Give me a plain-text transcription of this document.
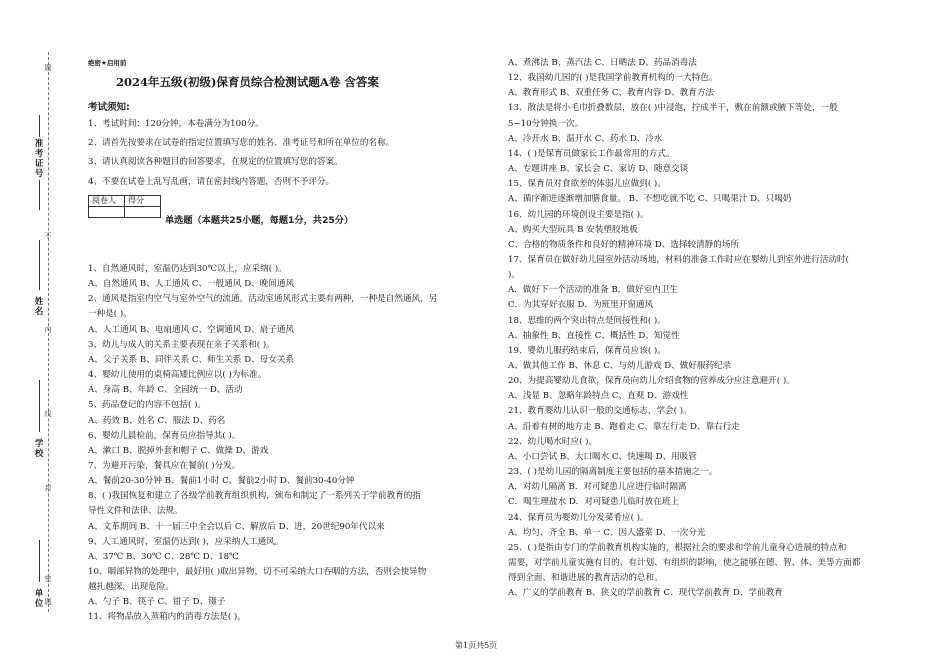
准考证号
姓名
学校
单位
题
不
内
线
封
密
题
绝密★启用前
2024年五级(初级)保育员综合检测试题A卷 含答案
考试须知:
1、考试时间：120分钟，本卷满分为100分。
2、请首先按要求在试卷的指定位置填写您的姓名、准考证号和所在单位的名称。
3、请认真阅读各种题目的回答要求，在规定的位置填写您的答案。
4、不要在试卷上乱写乱画，请在密封线内答题，否则不予评分。
阅卷人	得分

单选题（本题共25小题，每题1分，共25分）
1、自然通风时，室温仍达到30℃以上，应采纳( )。
A、自然通风 B、人工通风 C、一般通风 D、晚间通风
2、通风是指室内空气与室外空气的流通。活动室通风形式主要有两种，一种是自然通风，另
一种是( )。
A、人工通风 B、电扇通风 C、空调通风 D、扇子通风
3、幼儿与成人的关系主要表现在亲子关系和( )。
A、父子关系 B、同伴关系 C、师生关系 D、母女关系
4、婴幼儿使用的桌椅高矮比例应以( )为标准。
A、身高 B、年龄 C、全园统一 D、活动
5、药品登记的内容不包括( )。
A、药效 B、姓名 C、服法 D、药名
6、婴幼儿晨检前，保育员应指导其( )。
A、漱口 B、脱掉外套和帽子 C、做操 D、游戏
7、为避开污染，餐具应在餐前( )分发。
A、餐前20-30分钟 B、餐前1小时 C、餐前2小时 D、餐前30-40分钟
8、( )我国恢复和建立了各级学前教育组织机构，颁布和制定了一系列关于学前教育的指
导性文件和法律、法规。
A、文革期间 B、十一届三中全会以后 C、解放后 D、进，20世纪90年代以来
9、人工通风时，室温仍达到( )，应采纳人工通风。
A、37℃ B、30℃ C、28℃ D、18℃
10、咽部异物的处理中，最好用( )取出异物，切不可采纳大口吞咽的方法，否则会使异物
越扎越深，出现危险。
A、勺子 B、筷子 C、钳子 D、镊子
11、将物品放入蒸箱内的消毒方法是( )。
A、煮沸法 B、蒸汽法 C、日晒法 D、药品消毒法
12、我国幼儿园的( )是我国学前教育机构的一大特色。
A、教育形式 B、双重任务 C、教育内容 D、教育方法
13、散法是将小毛巾折叠数层，放在( )中浸泡，拧成半干，敷在前额或腋下等处，一般
5~10分钟换一次。
A、冷开水 B、温开水 C、药水 D、冷水
14、( )是保育员做家长工作最常用的方式。
A、专题讲座 B、家长会 C、家访 D、随意交谈
15、保育员对食欲差的体弱儿应做到( )。
A、循序渐进逐渐增加膳食量。 B、不想吃就不吃 C、只喝果汁 D、只喝奶
16、幼儿园的环境创设主要是指( )。
A、购买大型玩具 B 安装塑胶地板
C、合格的物质条件和良好的精神环境 D、选择较清静的场所
17、保育员在做好幼儿园室外活动场地，材料的准备工作时应在婴幼儿到室外进行活动时(
)。
A．做好下一个活动的准备 B．做好室内卫生
C．为其穿好衣服 D．为班里开窗通风
18、思维的两个突出特点是间接性和( )。
A、抽象性 B、直接性 C、概括性 D、知觉性
19、婴幼儿服药结束后，保育员应该( )。
A、做其他工作 B、休息 C、与幼儿游戏 D、做好服药纪录
20、为提高婴幼儿食欲，保育员向幼儿介绍食物的营养成分应注意避开( )。
A、浅显 B、忽略年龄特点 C、直观 D、游戏性
21、教育婴幼儿认识一般的交通标志，学会( )。
A、沿着有树的地方走 B、跑着走 C、靠左行走 D、靠右行走
22、幼儿喝水时应( )。
A、小口尝试 B、大口喝水 C、快速喝 D、用吸管
23、( )是幼儿园的隔离制度主要包括的基本措施之一。
A．对幼儿隔离 B．对可疑患儿应进行临时隔离
C．喝生理盐水 D．对可疑患儿临时放在班上
24、保育员为婴幼儿分发菜肴应( )。
A、均匀、齐全 B、单一 C、因人盛菜 D、一次分光
25、( )是指由专门的学前教育机构实施的，根据社会的要求和学前儿童身心进展的特点和
需要，对学前儿童实施有目的、有计划、有组织的影响，使之能够在德、智、体、美等方面都
得到全面、和谐进展的教育活动的总和。
A、广义的学前教育 B、狭义的学前教育 C、现代学前教育 D、学前教育
第1页共5页
